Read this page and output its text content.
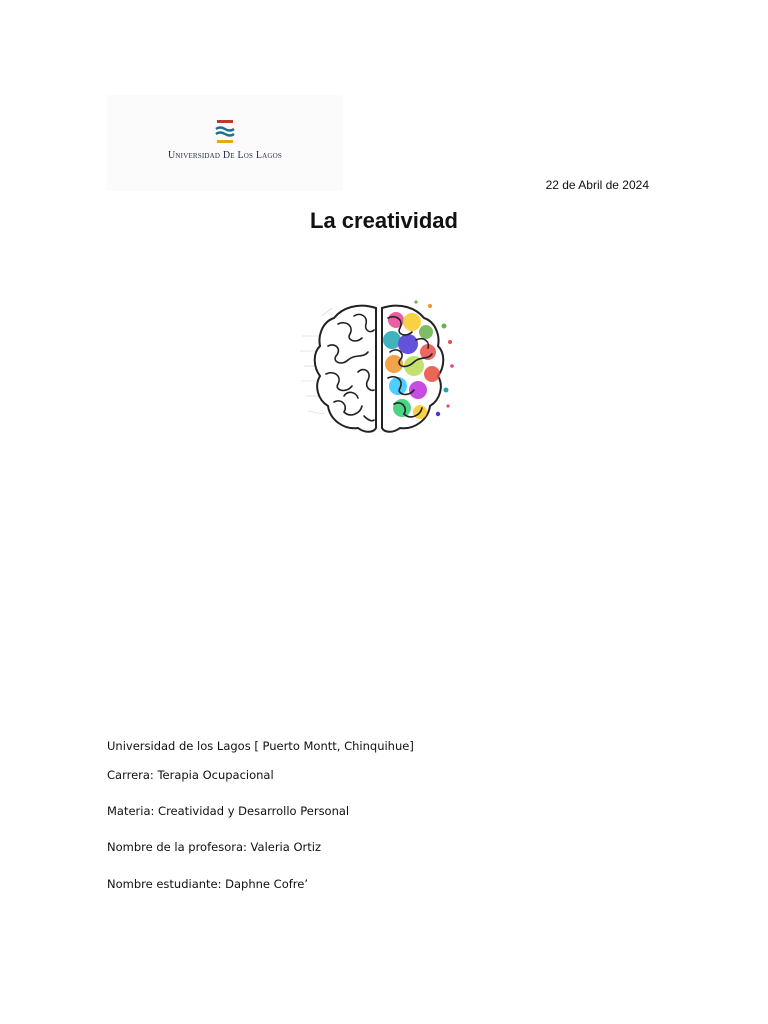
Universidad De Los Lagos
22 de Abril de 2024
La creatividad
Universidad de los Lagos [ Puerto Montt, Chinquihue]
Carrera: Terapia Ocupacional
Materia: Creatividad y Desarrollo Personal
Nombre de la profesora: Valeria Ortiz
Nombre estudiante: Daphne Cofre’
